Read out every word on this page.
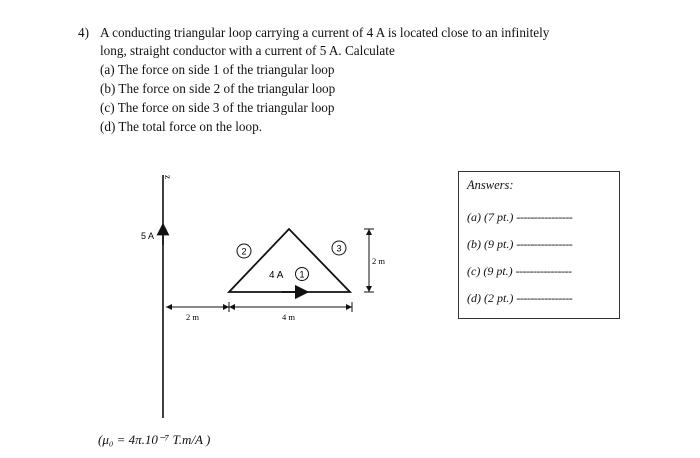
4) A conducting triangular loop carrying a current of 4 A is located close to an infinitely
long, straight conductor with a current of 5 A. Calculate

(a) The force on side 1 of the triangular loop
(b) The force on side 2 of the triangular loop
(c) The force on side 3 of the triangular loop
(d) The total force on the loop.
z
5 A
4 A 1
2	3
2 m	4 m
2 m
Answers:
(a) (7 pt.) ----------------
(b) (9 pt.) ----------------
(c) (9 pt.) ----------------
(d) (2 pt.) ----------------
(μ₀ = 4π.10⁻⁷ T.m/A )
